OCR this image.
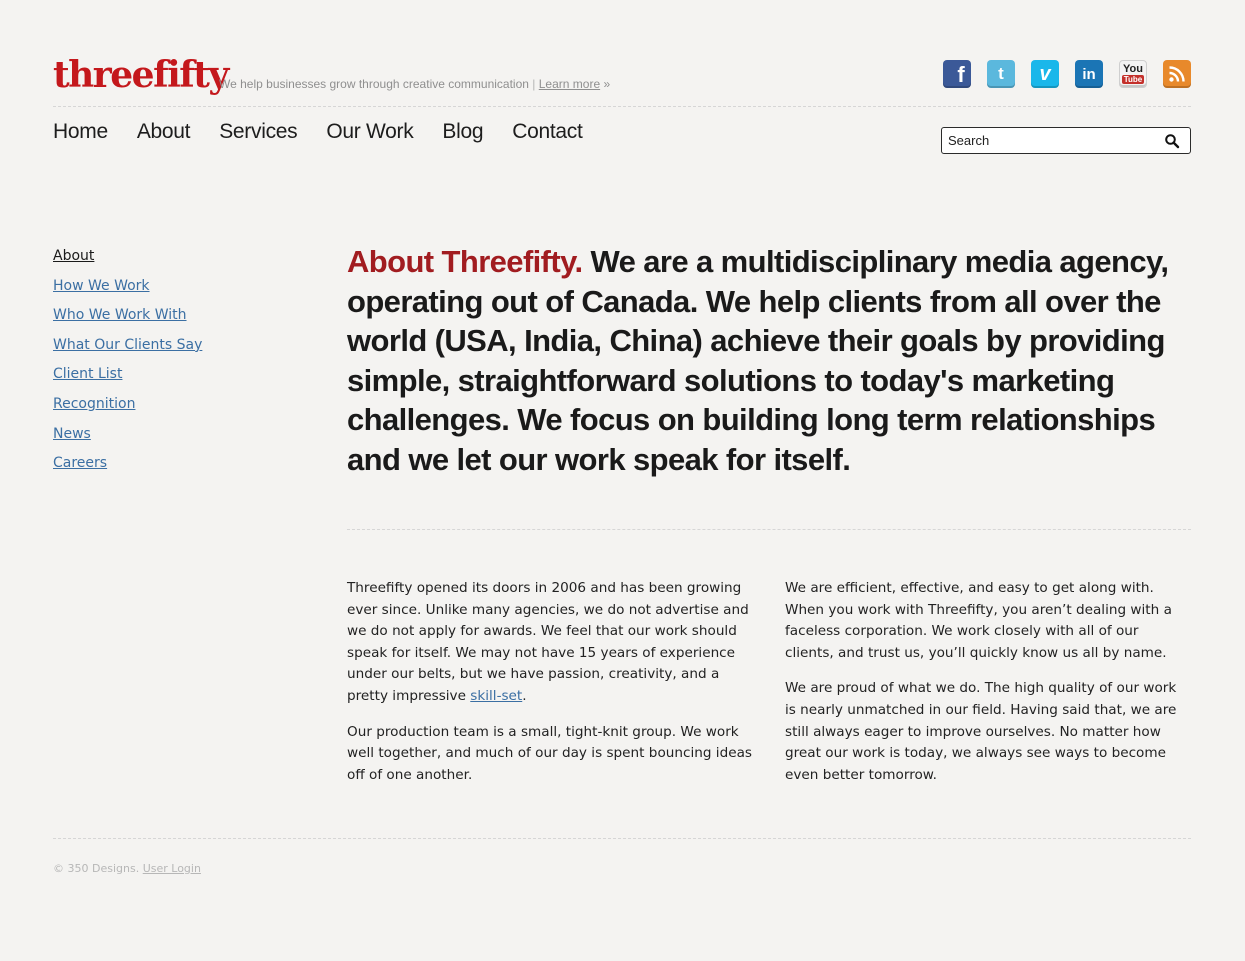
threefifty
We help businesses grow through creative communication | Learn more »	f	t	v	in	You
Tube
Home About Services Our Work Blog Contact
Search
About
How We Work
Who We Work With
What Our Clients Say
Client List
Recognition
News
Careers
About Threefifty. We are a multidisciplinary media agency, operating out of Canada. We help clients from all over the world (USA, India, China) achieve their goals by providing simple, straightforward solutions to today's marketing challenges. We focus on building long term relationships and we let our work speak for itself.

Threefifty opened its doors in 2006 and has been growing ever since. Unlike many agencies, we do not advertise and we do not apply for awards. We feel that our work should speak for itself. We may not have 15 years of experience under our belts, but we have passion, creativity, and a pretty impressive skill-set.

Our production team is a small, tight-knit group. We work well together, and much of our day is spent bouncing ideas off of one another.

We are efficient, effective, and easy to get along with. When you work with Threefifty, you aren’t dealing with a faceless corporation. We work closely with all of our clients, and trust us, you’ll quickly know us all by name.

We are proud of what we do. The high quality of our work is nearly unmatched in our field. Having said that, we are still always eager to improve ourselves. No matter how great our work is today, we always see ways to become even better tomorrow.

© 350 Designs. User Login
